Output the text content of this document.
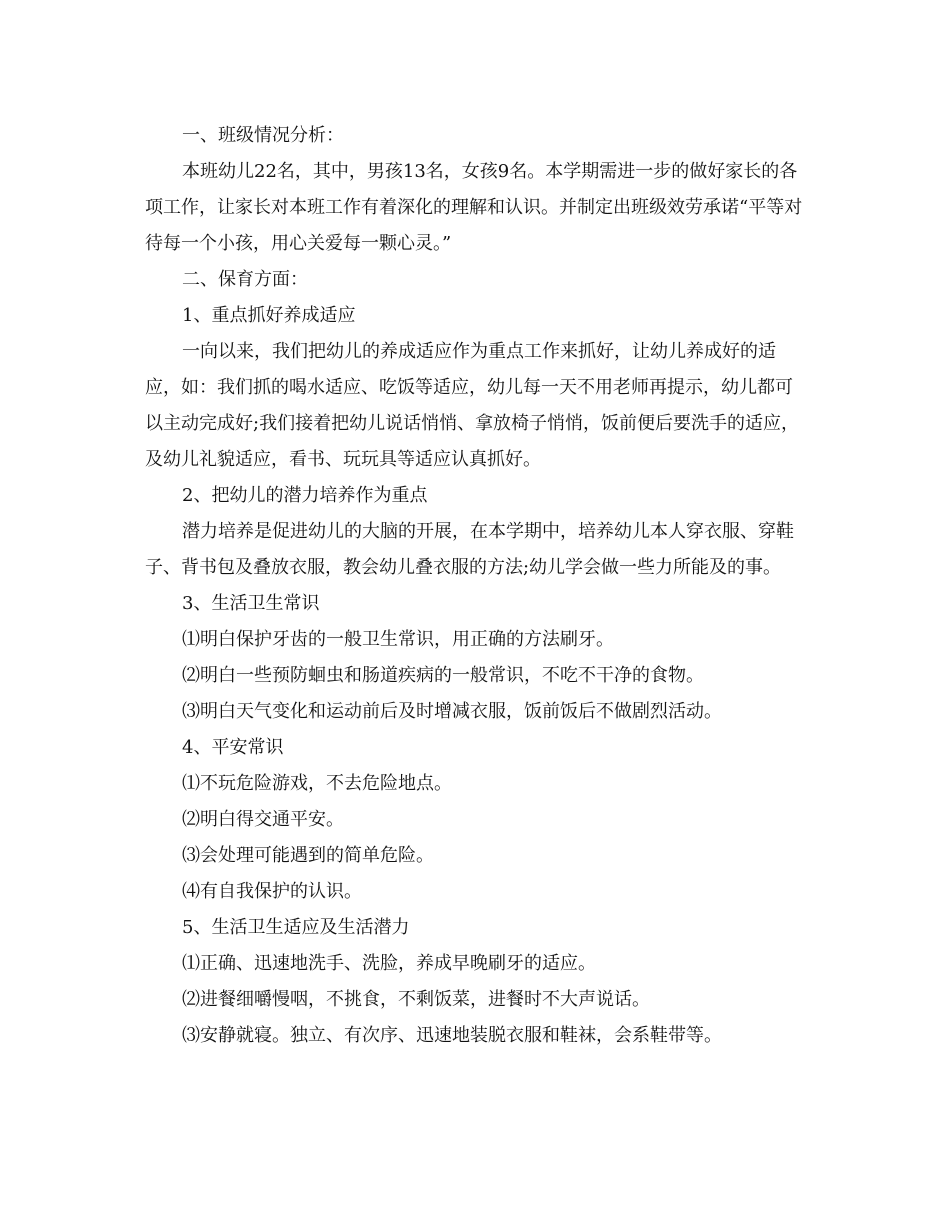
一、班级情况分析：

本班幼儿22名，其中，男孩13名，女孩9名。本学期需进一步的做好家长的各项工作，让家长对本班工作有着深化的理解和认识。并制定出班级效劳承诺“平等对待每一个小孩，用心关爱每一颗心灵。”

二、保育方面：

1、重点抓好养成适应

一向以来，我们把幼儿的养成适应作为重点工作来抓好，让幼儿养成好的适应，如：我们抓的喝水适应、吃饭等适应，幼儿每一天不用老师再提示，幼儿都可以主动完成好;我们接着把幼儿说话悄悄、拿放椅子悄悄，饭前便后要洗手的适应，及幼儿礼貌适应，看书、玩玩具等适应认真抓好。

2、把幼儿的潜力培养作为重点

潜力培养是促进幼儿的大脑的开展，在本学期中，培养幼儿本人穿衣服、穿鞋子、背书包及叠放衣服，教会幼儿叠衣服的方法;幼儿学会做一些力所能及的事。

3、生活卫生常识

⑴明白保护牙齿的一般卫生常识，用正确的方法刷牙。

⑵明白一些预防蛔虫和肠道疾病的一般常识，不吃不干净的食物。

⑶明白天气变化和运动前后及时增减衣服，饭前饭后不做剧烈活动。

4、平安常识

⑴不玩危险游戏，不去危险地点。

⑵明白得交通平安。

⑶会处理可能遇到的简单危险。

⑷有自我保护的认识。

5、生活卫生适应及生活潜力

⑴正确、迅速地洗手、洗脸，养成早晚刷牙的适应。

⑵进餐细嚼慢咽，不挑食，不剩饭菜，进餐时不大声说话。

⑶安静就寝。独立、有次序、迅速地装脱衣服和鞋袜，会系鞋带等。
